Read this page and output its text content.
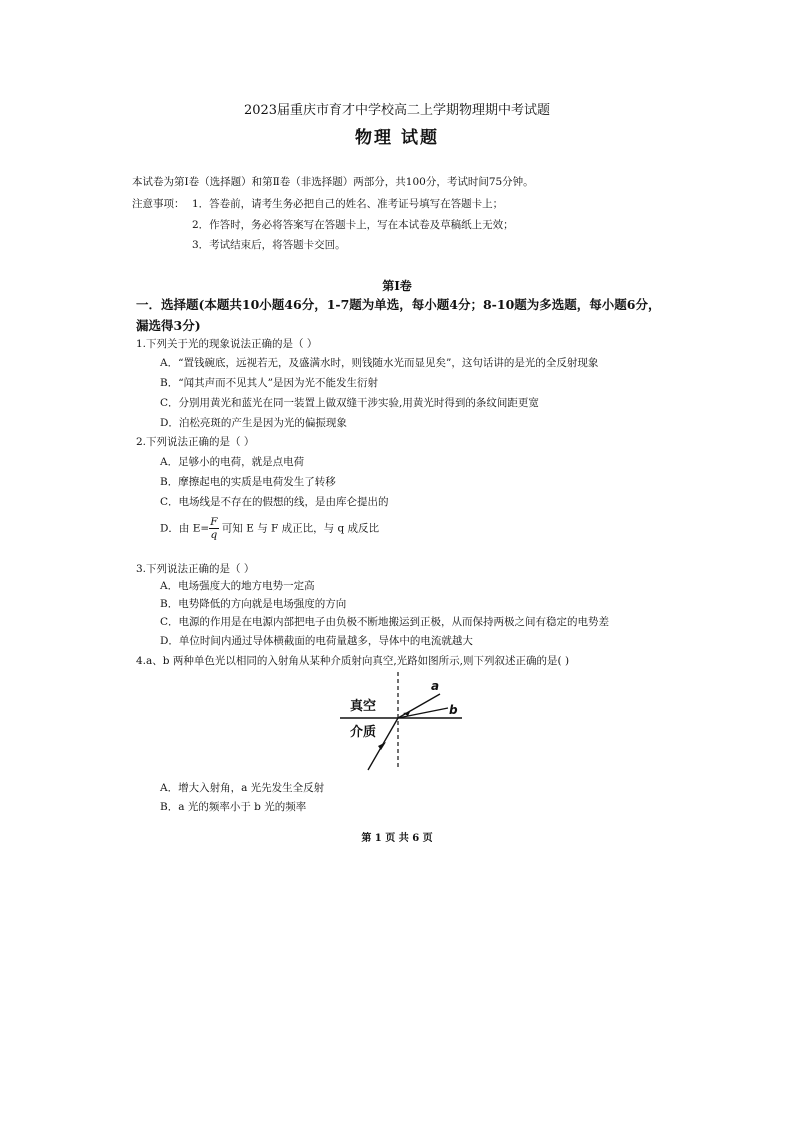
2023届重庆市育才中学校高二上学期物理期中考试题
物理 试题
本试卷为第Ⅰ卷（选择题）和第Ⅱ卷（非选择题）两部分，共100分，考试时间75分钟。
注意事项： 1．答卷前，请考生务必把自己的姓名、准考证号填写在答题卡上；
2．作答时，务必将答案写在答题卡上，写在本试卷及草稿纸上无效；
3．考试结束后，将答题卡交回。
第Ⅰ卷
一．选择题(本题共10小题46分，1-7题为单选，每小题4分；8-10题为多选题，每小题6分，
漏选得3分)
1.下列关于光的现象说法正确的是（ ）
A．“置钱碗底，远视若无，及盛满水时，则钱随水光而显见矣”，这句话讲的是光的全反射现象
B．“闻其声而不见其人”是因为光不能发生衍射
C．分别用黄光和蓝光在同一装置上做双缝干涉实验,用黄光时得到的条纹间距更宽
D．泊松亮斑的产生是因为光的偏振现象
2.下列说法正确的是（ ）
A．足够小的电荷，就是点电荷
B．摩擦起电的实质是电荷发生了转移
C．电场线是不存在的假想的线，是由库仑提出的
D．由 $E= \frac{F}{q}$ 可知 E 与 F 成正比，与 q 成反比
3.下列说法正确的是（ ）
A．电场强度大的地方电势一定高
B．电势降低的方向就是电场强度的方向
C．电源的作用是在电源内部把电子由负极不断地搬运到正极，从而保持两极之间有稳定的电势差
D．单位时间内通过导体横截面的电荷量越多，导体中的电流就越大
4.a、b 两种单色光以相同的入射角从某种介质射向真空,光路如图所示,则下列叙述正确的是( )
真空
介质
a
b
A．增大入射角，a 光先发生全反射
B．a 光的频率小于 b 光的频率
第 1 页 共 6 页
